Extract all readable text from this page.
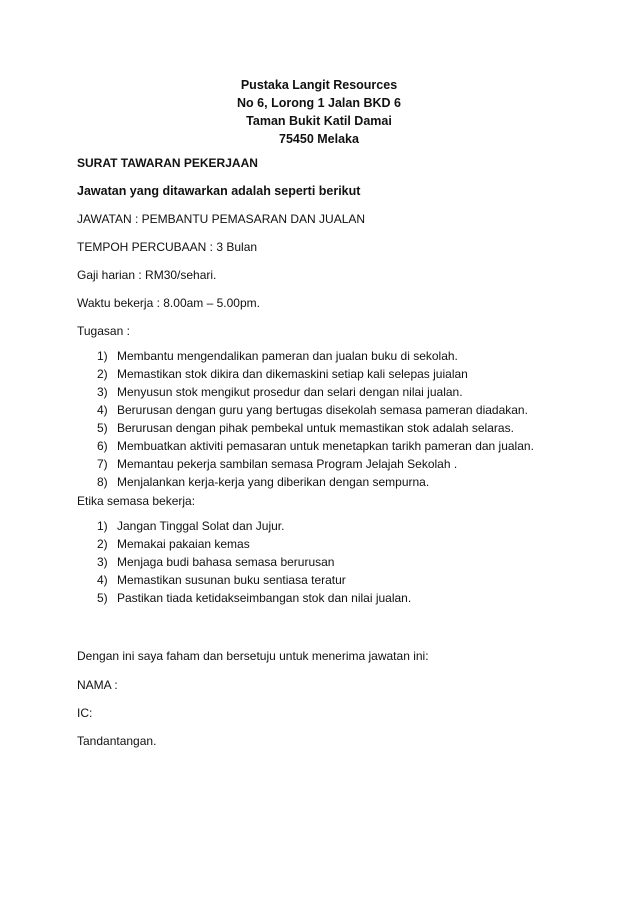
Pustaka Langit Resources
No 6, Lorong 1 Jalan BKD 6
Taman Bukit Katil Damai
75450 Melaka
SURAT TAWARAN PEKERJAAN
Jawatan yang ditawarkan adalah seperti berikut
JAWATAN : PEMBANTU PEMASARAN DAN JUALAN
TEMPOH PERCUBAAN : 3 Bulan
Gaji harian : RM30/sehari.
Waktu bekerja : 8.00am – 5.00pm.
Tugasan :
1) Membantu mengendalikan pameran dan jualan buku di sekolah.
2) Memastikan stok dikira dan dikemaskini setiap kali selepas juialan
3) Menyusun stok mengikut prosedur dan selari dengan nilai jualan.
4) Berurusan dengan guru yang bertugas disekolah semasa pameran diadakan.
5) Berurusan dengan pihak pembekal untuk memastikan stok adalah selaras.
6) Membuatkan aktiviti pemasaran untuk menetapkan tarikh pameran dan jualan.
7) Memantau pekerja sambilan semasa Program Jelajah Sekolah .
8) Menjalankan kerja-kerja yang diberikan dengan sempurna.
Etika semasa bekerja:
1) Jangan Tinggal Solat dan Jujur.
2) Memakai pakaian kemas
3) Menjaga budi bahasa semasa berurusan
4) Memastikan susunan buku sentiasa teratur
5) Pastikan tiada ketidakseimbangan stok dan nilai jualan.
Dengan ini saya faham dan bersetuju untuk menerima jawatan ini:
NAMA :
IC:
Tandantangan.
